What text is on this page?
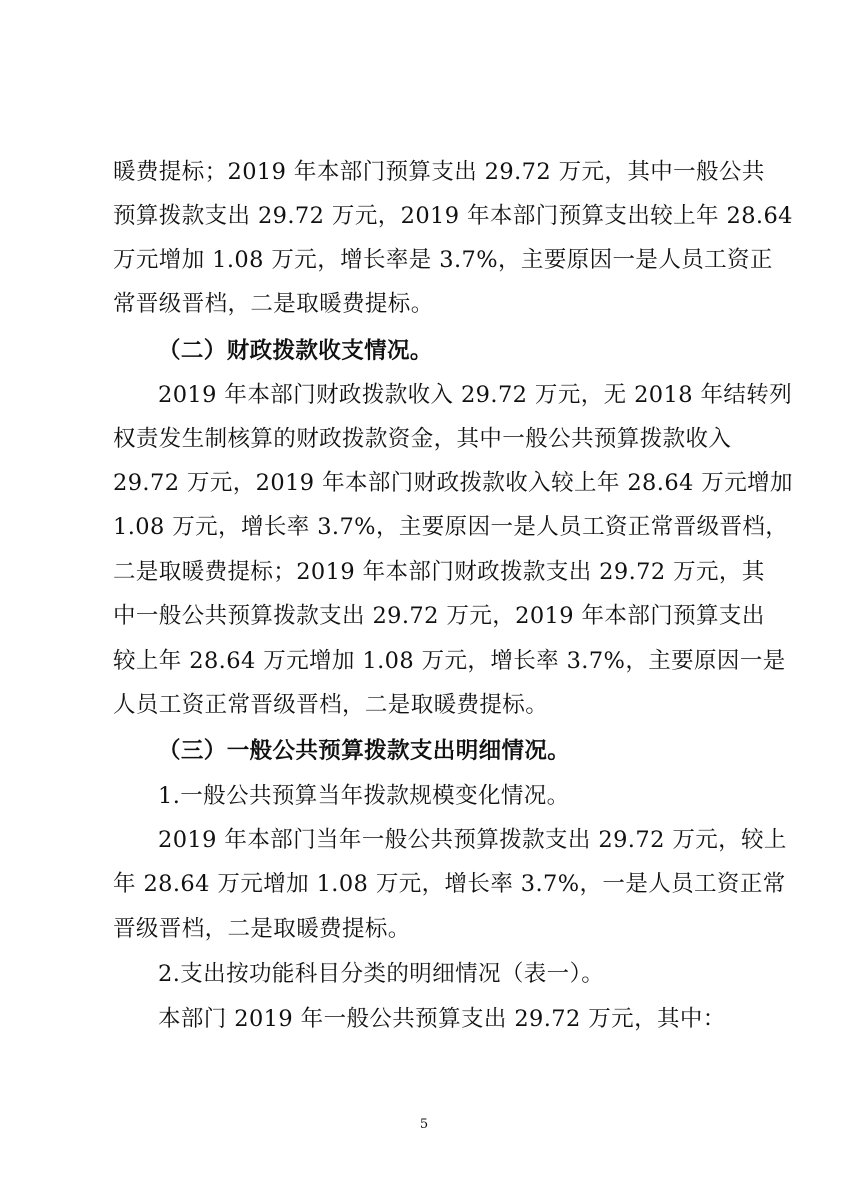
暖费提标；2019 年本部门预算支出 29.72 万元，其中一般公共
预算拨款支出 29.72 万元，2019 年本部门预算支出较上年 28.64
万元增加 1.08 万元，增长率是 3.7%，主要原因一是人员工资正
常晋级晋档，二是取暖费提标。
（二）财政拨款收支情况。
2019 年本部门财政拨款收入 29.72 万元，无 2018 年结转列
权责发生制核算的财政拨款资金，其中一般公共预算拨款收入
29.72 万元，2019 年本部门财政拨款收入较上年 28.64 万元增加
1.08 万元，增长率 3.7%，主要原因一是人员工资正常晋级晋档，
二是取暖费提标；2019 年本部门财政拨款支出 29.72 万元，其
中一般公共预算拨款支出 29.72 万元，2019 年本部门预算支出
较上年 28.64 万元增加 1.08 万元，增长率 3.7%，主要原因一是
人员工资正常晋级晋档，二是取暖费提标。
（三）一般公共预算拨款支出明细情况。
1.一般公共预算当年拨款规模变化情况。
2019 年本部门当年一般公共预算拨款支出 29.72 万元，较上
年 28.64 万元增加 1.08 万元，增长率 3.7%，一是人员工资正常
晋级晋档，二是取暖费提标。
2.支出按功能科目分类的明细情况（表一）。
本部门 2019 年一般公共预算支出 29.72 万元，其中：
5
